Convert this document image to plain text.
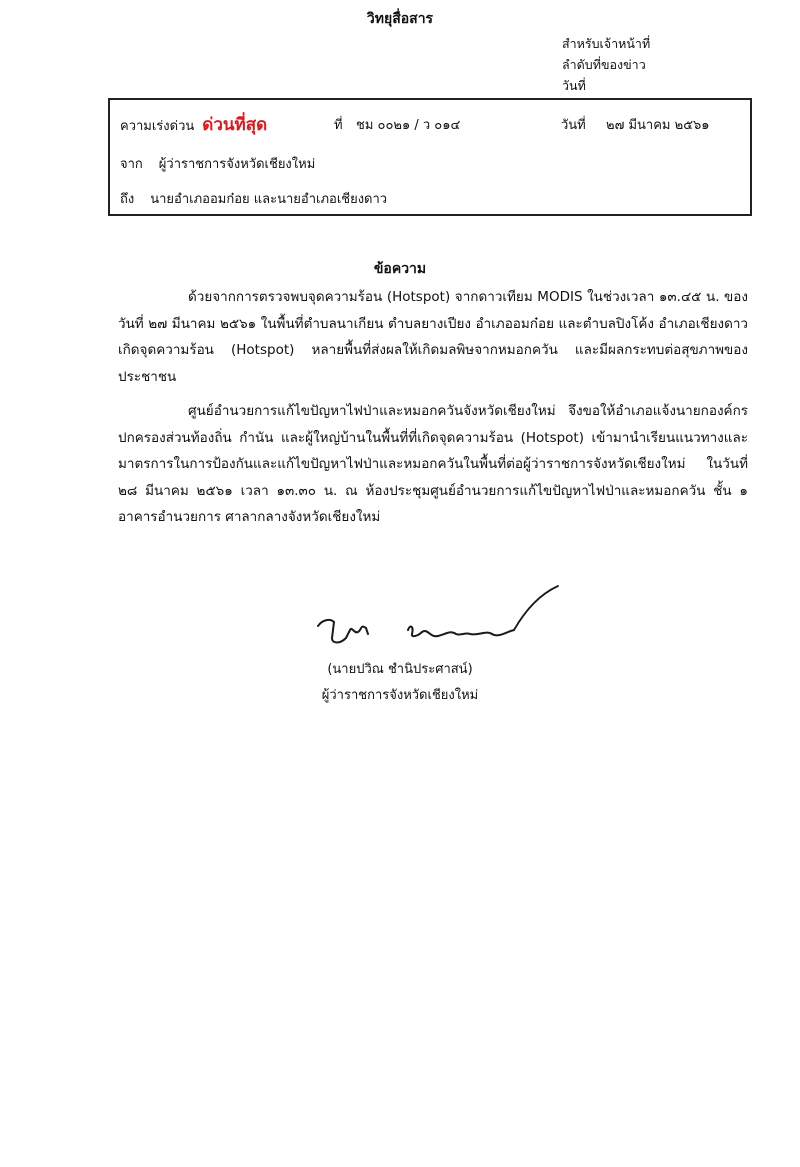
วิทยุสื่อสาร
สำหรับเจ้าหน้าที่
ลำดับที่ของข่าว
วันที่
ความเร่งด่วน ด่วนที่สุด	ที่ ชม ๐๐๒๑ / ว ๐๑๔	วันที่ ๒๗ มีนาคม ๒๕๖๑
จาก ผู้ว่าราชการจังหวัดเชียงใหม่
ถึง นายอำเภออมก๋อย และนายอำเภอเชียงดาว
ข้อความ

ด้วยจากการตรวจพบจุดความร้อน (Hotspot) จากดาวเทียม MODIS ในช่วงเวลา ๑๓.๔๕ น. ของวันที่ ๒๗ มีนาคม ๒๕๖๑ ในพื้นที่ตำบลนาเกียน ตำบลยางเปียง อำเภออมก๋อย และตำบลปิงโค้ง อำเภอเชียงดาว เกิดจุดความร้อน (Hotspot) หลายพื้นที่ส่งผลให้เกิดมลพิษจากหมอกควัน และมีผลกระทบต่อสุขภาพของประชาชน

ศูนย์อำนวยการแก้ไขปัญหาไฟป่าและหมอกควันจังหวัดเชียงใหม่ จึงขอให้อำเภอแจ้งนายกองค์กรปกครองส่วนท้องถิ่น กำนัน และผู้ใหญ่บ้านในพื้นที่ที่เกิดจุดความร้อน (Hotspot) เข้ามานำเรียนแนวทางและมาตรการในการป้องกันและแก้ไขปัญหาไฟป่าและหมอกควันในพื้นที่ต่อผู้ว่าราชการจังหวัดเชียงใหม่ ในวันที่ ๒๘ มีนาคม ๒๕๖๑ เวลา ๑๓.๓๐ น. ณ ห้องประชุมศูนย์อำนวยการแก้ไขปัญหาไฟป่าและหมอกควัน ชั้น ๑ อาคารอำนวยการ ศาลากลางจังหวัดเชียงใหม่

(นายปวิณ ชำนิประศาสน์)
ผู้ว่าราชการจังหวัดเชียงใหม่
